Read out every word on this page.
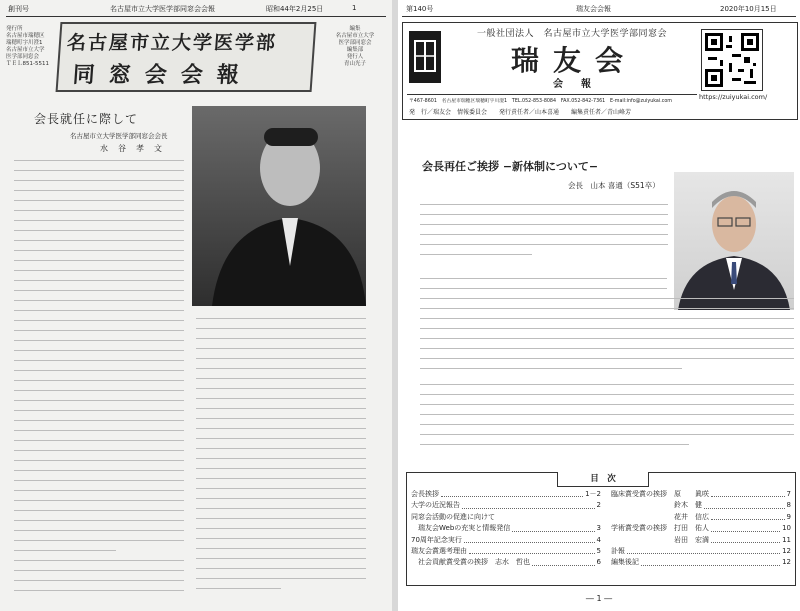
創刊号	名古屋市立大学医学部同窓会会報	昭和44年2月25日	1
発行所
名古屋市瑞穂区
瑞穂町字川澄1
名古屋市立大学
医学部同窓会
ＴＥＬ851-5511
名古屋市立大学医学部
同窓会会報
編集
名古屋市立大学
医学部同窓会
編集部
発行人
青山光子
会長就任に際して
名古屋市立大学医学部同窓会会長
水　谷　孝　文
第140号	瑞友会会報	2020年10月15日
一般社団法人　名古屋市立大学医学部同窓会
瑞友会
会　報
https://zuiyukai.com/
〒467-8601　名古屋市瑞穂区瑞穂町字川澄1　TEL.052-853-8084　FAX.052-842-7361　E-mail:info@zuiyukai.com
発　行／瑞友会　情報委員会　　発行責任者／山本喜通　　編集責任者／青山峰芳
会長再任ご挨拶 −新体制について−
会長　山本 喜通（S51卒）
目　次
会長挨拶	1－2
大学の近況報告	2
同窓会活動の促進に向けて
　瑞友会Webの充実と情報発信	3
70周年記念実行	4
瑞友会賞選考理由	5
　社会貢献賞受賞の挨拶　志水　哲也	6
臨床賞受賞の挨拶　原　　眞咲	7
　　　　　　　　　鈴木　健	8
　　　　　　　　　花井　信広	9
学術賞受賞の挨拶　打田　佑人	10
　　　　　　　　　岩田　宏満	11
訃報	12
編集後記	12
― 1 ―
